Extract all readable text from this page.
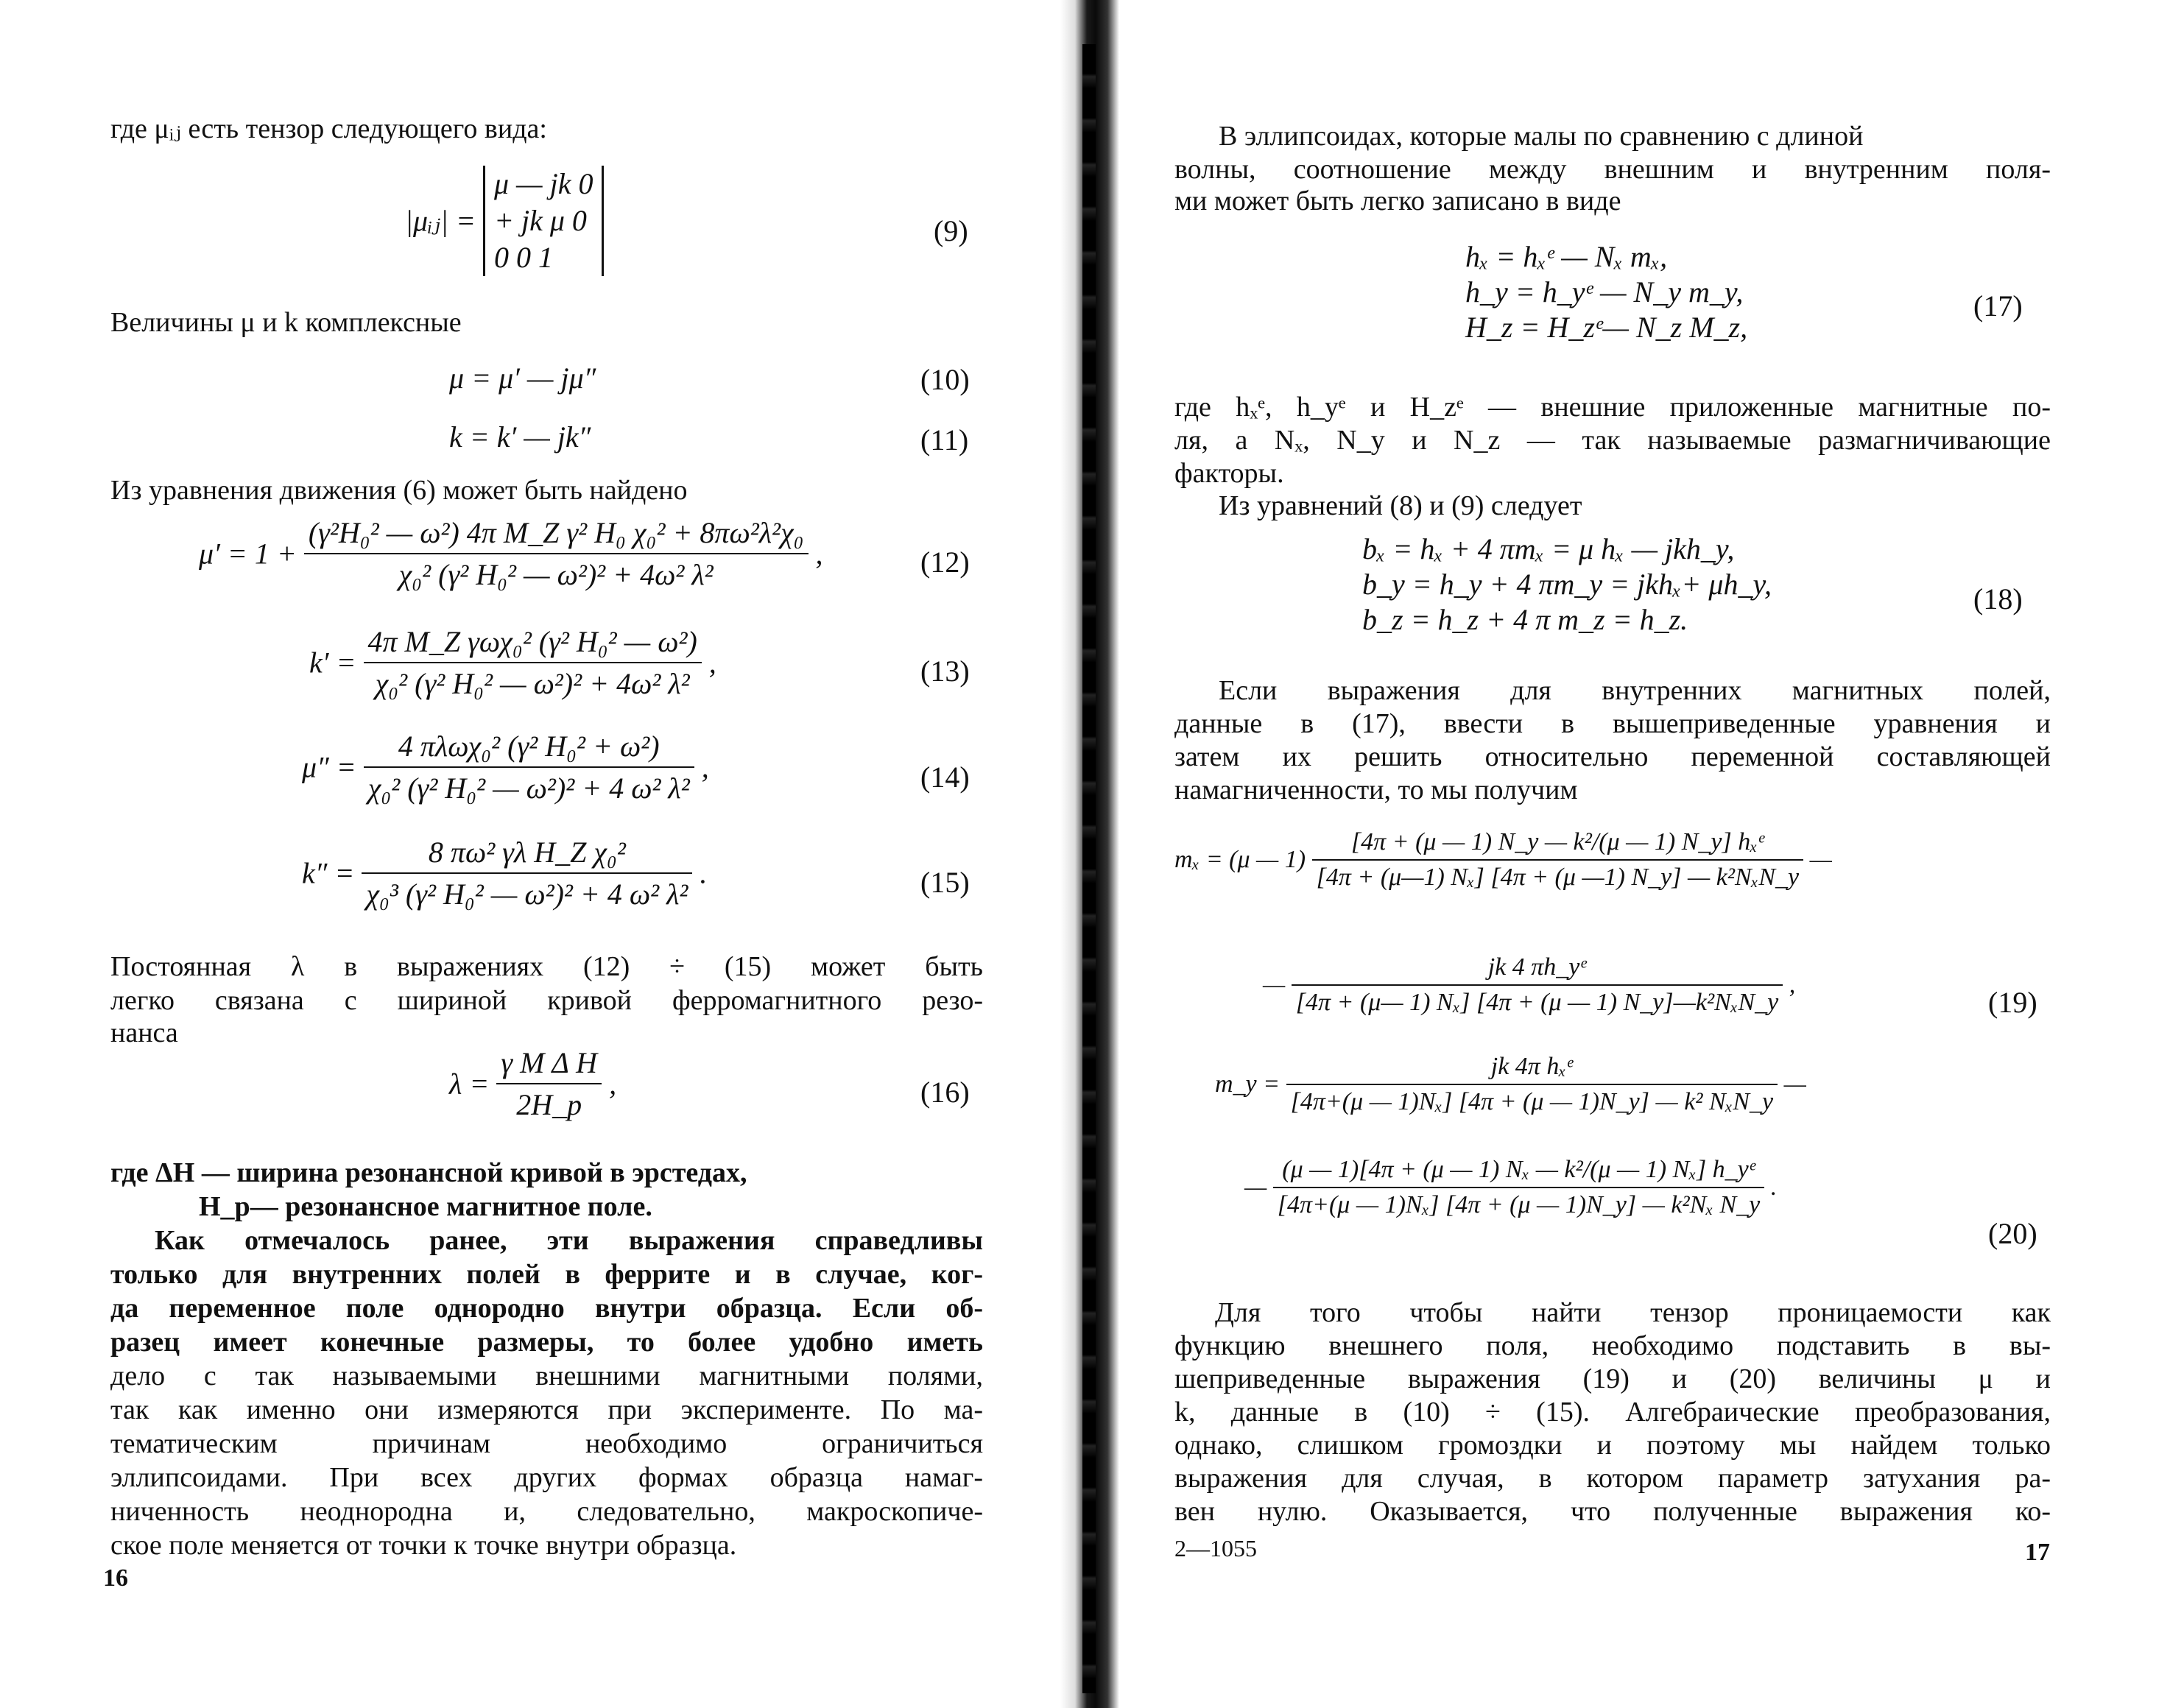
где μᵢⱼ есть тензор следующего вида:
|μᵢⱼ| =
μ — jk 0
+ jk μ 0
0 0 1
(9)
Величины μ и k комплексные
μ = μ′ — jμ″	(10)
k = k′ — jk″	(11)
Из уравнения движения (6) может быть найдено
$\mu' = 1 + \frac{\text{(γ²H₀² — ω²) 4π M\_Z γ² H₀ χ₀² + 8πω²λ²χ₀}}{\text{χ₀² (γ² H₀² — ω²)² + 4ω² λ²}}$ ,	(12)
$k' = \frac{\text{4π M\_Z γωχ₀² (γ² H₀² — ω²)}}{\text{χ₀² (γ² H₀² — ω²)² + 4ω² λ²}}$ ,	(13)
$\mu'' = \frac{\text{4 πλωχ₀² (γ² H₀² + ω²)}}{\text{χ₀² (γ² H₀² — ω²)² + 4 ω² λ²}}$ ,	(14)
$k'' = \frac{\text{8 πω² γλ H\_Z χ₀²}}{\text{χ₀³ (γ² H₀² — ω²)² + 4 ω² λ²}}$ .	(15)
Постоянная λ в выражениях (12) ÷ (15) может быть
легко связана с шириной кривой ферромагнитного резо-
нанса
$\lambda = \frac{\text{γ M Δ H}}{2H\_p}$ ,	(16)
где ΔH — ширина резонансной кривой в эрстедах,
H_p— резонансное магнитное поле.
Как отмечалось ранее, эти выражения справедливы
только для внутренних полей в феррите и в случае, ког-
да переменное поле однородно внутри образца. Если об-
разец имеет конечные размеры, то более удобно иметь
дело с так называемыми внешними магнитными полями,
так как именно они измеряются при эксперименте. По ма-
тематическим причинам необходимо ограничиться
эллипсоидами. При всех других формах образца намаг-
ниченность неоднородна и, следовательно, макроскопиче-
ское поле меняется от точки к точке внутри образца.
16
В эллипсоидах, которые малы по сравнению с длиной
волны, соотношение между внешним и внутренним поля-
ми может быть легко записано в виде
hₓ = hₓᵉ — Nₓ mₓ,
h_y = h_yᵉ — N_y m_y,
H_z = H_zᵉ— N_z M_z,
(17)
где hₓᵉ, h_yᵉ и H_zᵉ — внешние приложенные магнитные по-
ля, а Nₓ, N_y и N_z — так называемые размагничивающие
факторы.
Из уравнений (8) и (9) следует
bₓ = hₓ + 4 πmₓ = μ hₓ — jkh_y,
b_y = h_y + 4 πm_y = jkhₓ+ μh_y,
b_z = h_z + 4 π m_z = h_z.
(18)
Если выражения для внутренних магнитных полей,
данные в (17), ввести в вышеприведенные уравнения и
затем их решить относительно переменной составляющей
намагниченности, то мы получим
mₓ = (μ — $1) \frac{\text{[4π + (μ — 1) N\_y — k²/(μ — 1) N\_y] hₓᵉ}}{\text{[4π + (μ—1) Nₓ] [4π + (μ —1) N\_y] — k²NₓN\_y}}$ —
— $\frac{\text{jk 4 πh\_yᵉ}}{\text{[4π + (μ— 1) Nₓ] [4π + (μ — 1) N\_y]—k²NₓN\_y}}$ ,
(19)
m_y = $\frac{\text{jk 4π hₓᵉ}}{\text{[4π+(μ — 1)Nₓ] [4π + (μ — 1)N\_y] — k² NₓN\_y}}$ —
— $\frac{\text{(μ — 1)[4π + (μ — 1) Nₓ — k²/(μ — 1) Nₓ] h\_yᵉ}}{\text{[4π+(μ — 1)Nₓ] [4π + (μ — 1)N\_y] — k²Nₓ N\_y}}$ .
(20)
Для того чтобы найти тензор проницаемости как
функцию внешнего поля, необходимо подставить в вы-
шеприведенные выражения (19) и (20) величины μ и
k, данные в (10) ÷ (15). Алгебраические преобразования,
однако, слишком громоздки и поэтому мы найдем только
выражения для случая, в котором параметр затухания ра-
вен нулю. Оказывается, что полученные выражения ко-
2—1055	17
